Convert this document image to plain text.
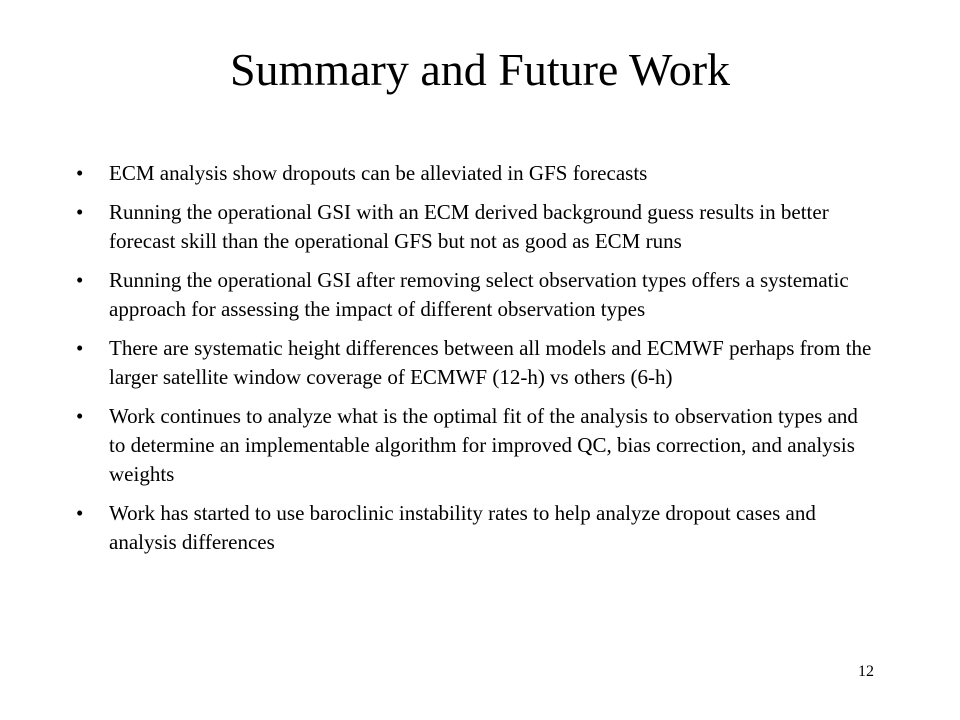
Summary and Future Work
•	ECM analysis show dropouts can be alleviated in GFS forecasts
•	Running the operational GSI with an ECM derived background guess results in better forecast skill than the operational GFS but not as good as ECM runs
•	Running the operational GSI after removing select observation types offers a systematic approach for assessing the impact of different observation types
•	There are systematic height differences between all models and ECMWF perhaps from the larger satellite window coverage of ECMWF (12-h) vs others (6-h)
•	Work continues to analyze what is the optimal fit of the analysis to observation types and to determine an implementable algorithm for improved QC, bias correction, and analysis weights
•	Work has started to use baroclinic instability rates to help analyze dropout cases and analysis differences
12
